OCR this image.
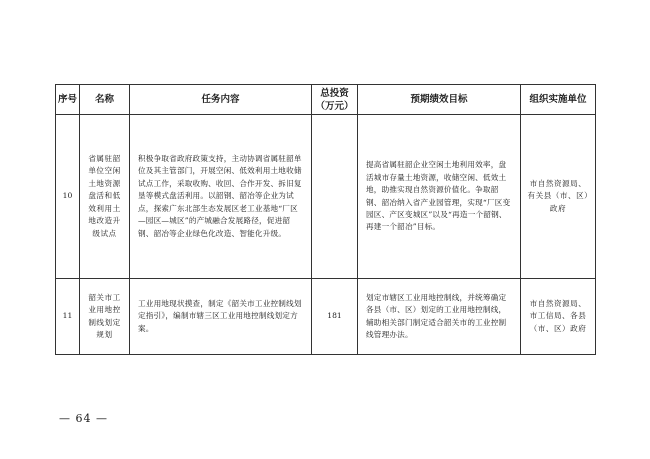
序号	名称	任务内容	总投资（万元）	预期绩效目标	组织实施单位
10	省属驻韶单位空闲土地资源盘活和低效利用土地改造升级试点	积极争取省政府政策支持，主动协调省属驻韶单位及其主管部门，开展空闲、低效利用土地收储试点工作，采取收购、收回、合作开发、拆旧复垦等模式盘活利用。以韶钢、韶冶等企业为试点，探索广东北部生态发展区老工业基地“厂区—园区—城区”的产城融合发展路径，促进韶钢、韶冶等企业绿色化改造、智能化升级。		提高省属驻韶企业空闲土地利用效率，盘活城市存量土地资源，收储空闲、低效土地，助推实现自然资源价值化。争取韶钢、韶冶纳入省产业园管理，实现“厂区变园区、产区变城区”以及“再造一个韶钢、再建一个韶冶”目标。	市自然资源局、有关县（市、区）政府
11	韶关市工业用地控制线划定规划	工业用地现状摸查，制定《韶关市工业控制线划定指引》，编制市辖三区工业用地控制线划定方案。	181	划定市辖区工业用地控制线，并统筹确定各县（市、区）划定的工业用地控制线，辅助相关部门制定适合韶关市的工业控制线管理办法。	市自然资源局、市工信局、各县（市、区）政府
— 64 —
